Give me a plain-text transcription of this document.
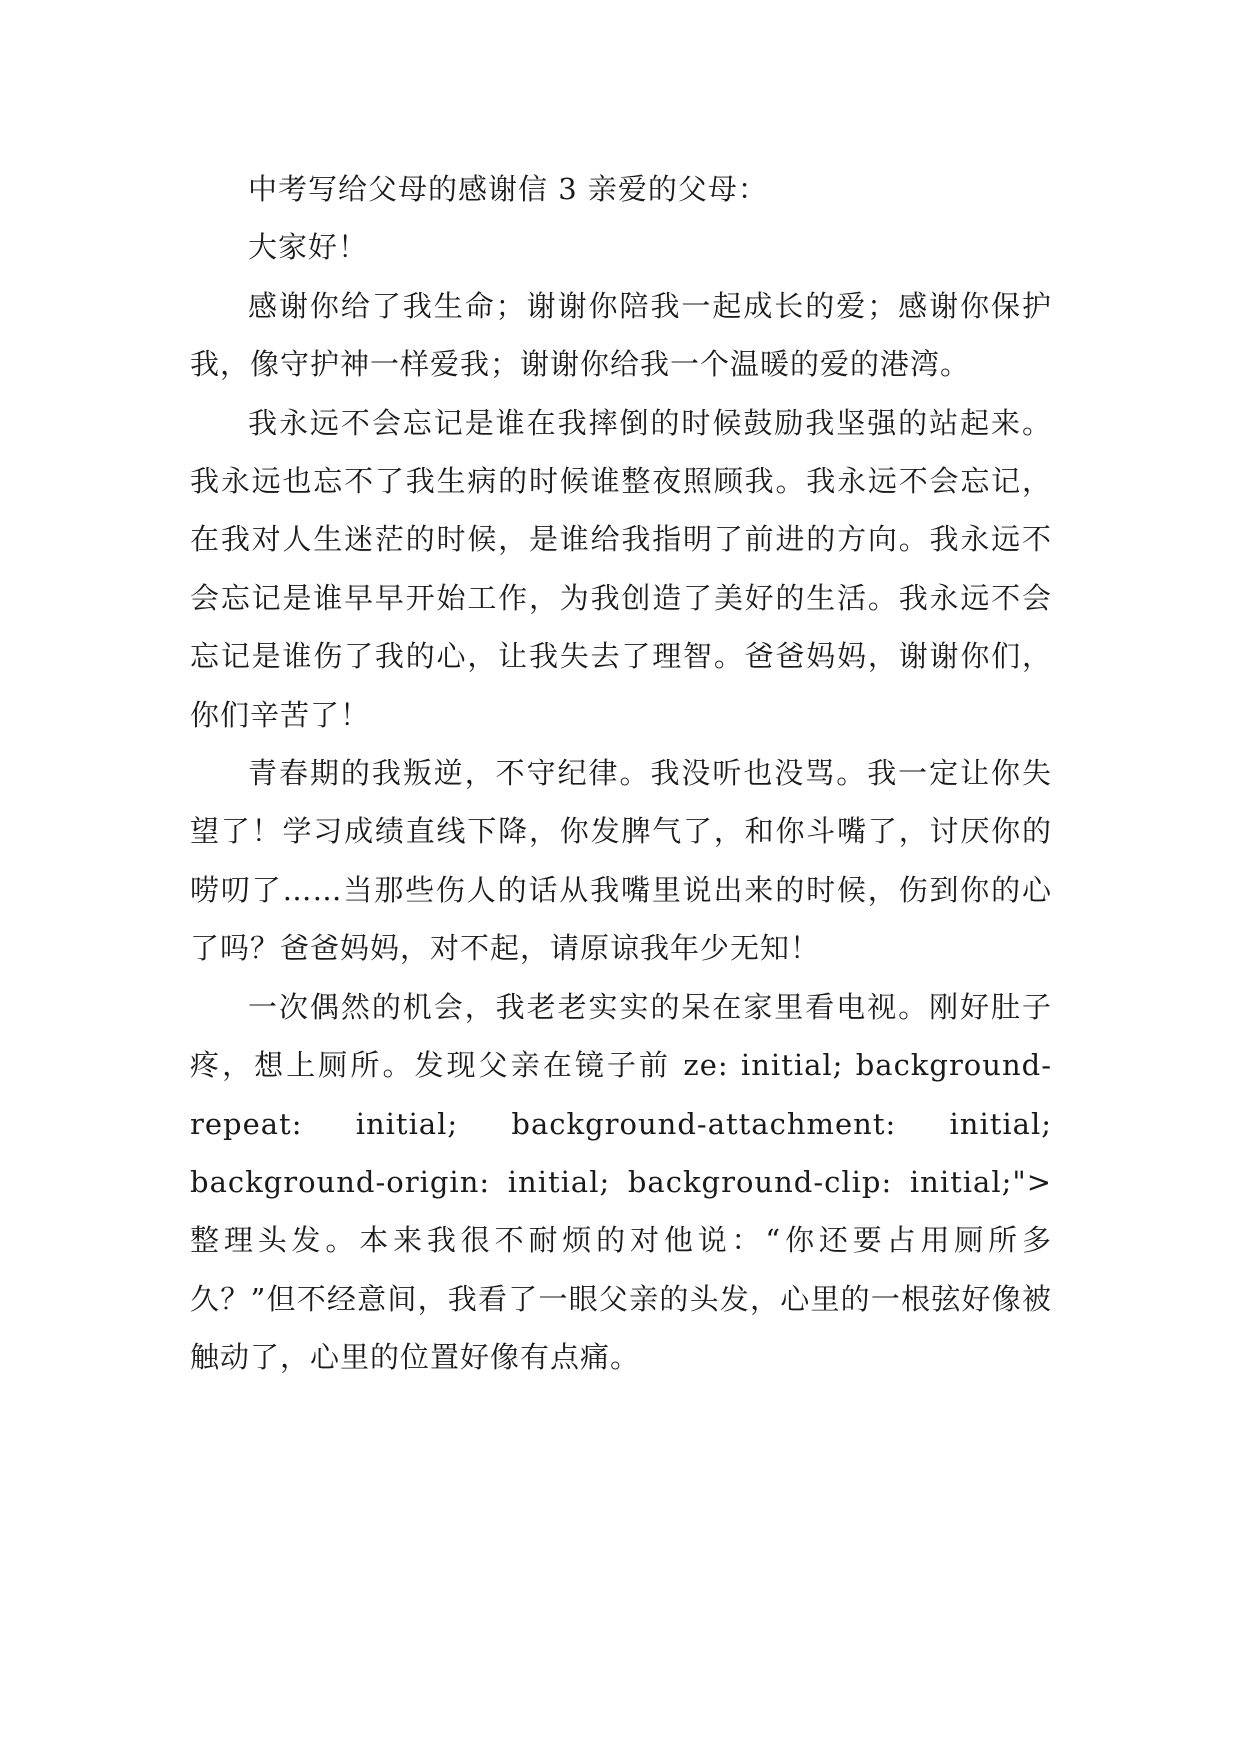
中考写给父母的感谢信 3 亲爱的父母：

大家好！

感谢你给了我生命；谢谢你陪我一起成长的爱；感谢你保护我，像守护神一样爱我；谢谢你给我一个温暖的爱的港湾。

我永远不会忘记是谁在我摔倒的时候鼓励我坚强的站起来。我永远也忘不了我生病的时候谁整夜照顾我。我永远不会忘记，在我对人生迷茫的时候，是谁给我指明了前进的方向。我永远不会忘记是谁早早开始工作，为我创造了美好的生活。我永远不会忘记是谁伤了我的心，让我失去了理智。爸爸妈妈，谢谢你们，你们辛苦了！

青春期的我叛逆，不守纪律。我没听也没骂。我一定让你失望了！学习成绩直线下降，你发脾气了，和你斗嘴了，讨厌你的唠叨了……当那些伤人的话从我嘴里说出来的时候，伤到你的心了吗？爸爸妈妈，对不起，请原谅我年少无知！

一次偶然的机会，我老老实实的呆在家里看电视。刚好肚子疼，想上厕所。发现父亲在镜子前 ze: initial; background-repeat: initial; background-attachment: initial; background-origin: initial; background-clip: initial;">整理头发。本来我很不耐烦的对他说：“你还要占用厕所多久？”但不经意间，我看了一眼父亲的头发，心里的一根弦好像被触动了，心里的位置好像有点痛。
